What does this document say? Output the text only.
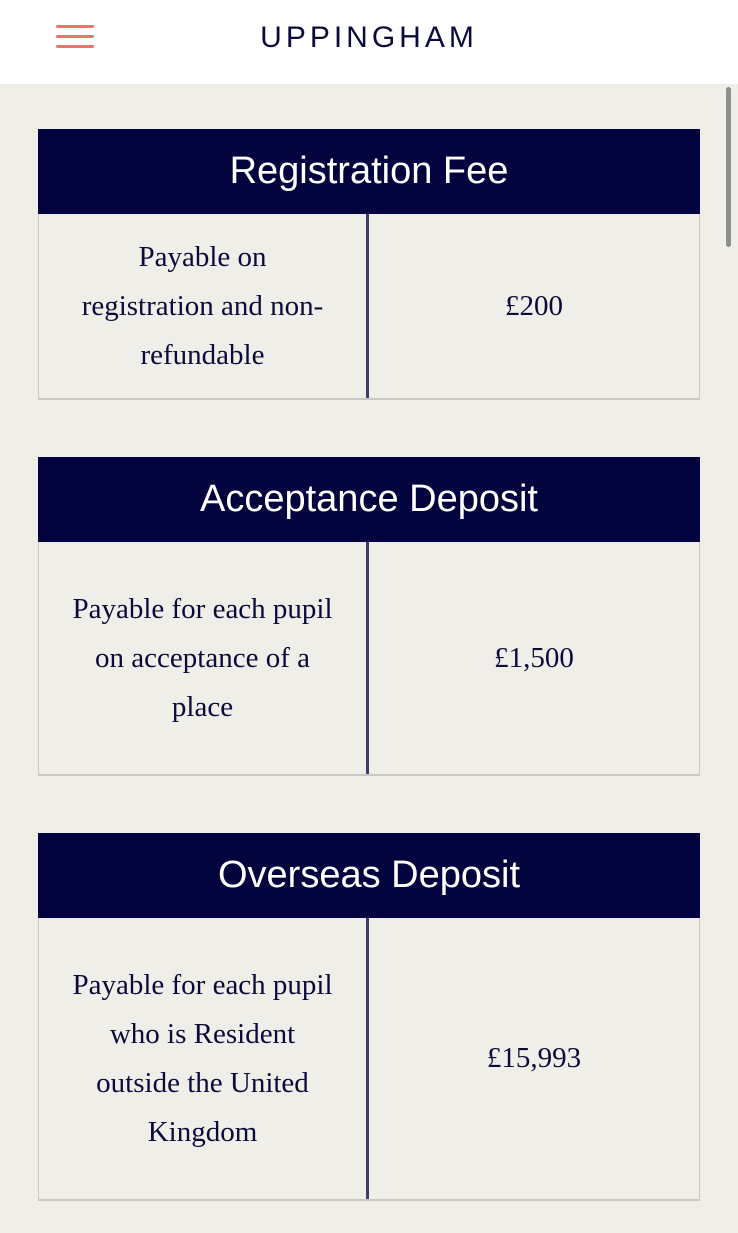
UPPINGHAM
Registration Fee
Payable on registration and non-refundable
£200
Acceptance Deposit
Payable for each pupil on acceptance of a place
£1,500
Overseas Deposit
Payable for each pupil who is Resident outside the United Kingdom
£15,993
